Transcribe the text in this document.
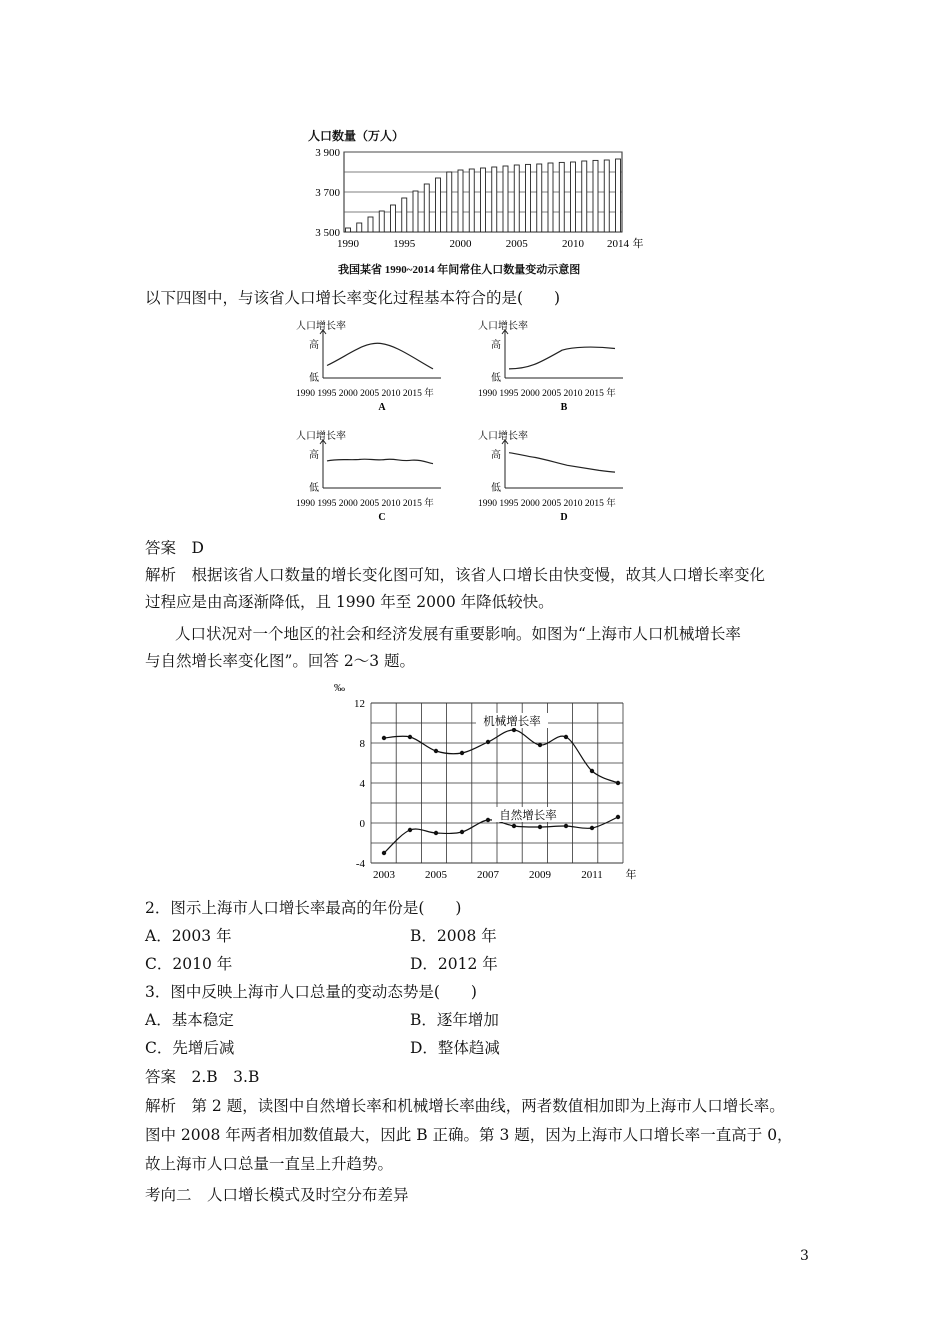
人口数量（万人）
3 900
3 700
3 500
1990	1995	2000	2005	2010 2014 年
我国某省 1990~2014 年间常住人口数量变动示意图
以下四图中，与该省人口增长率变化过程基本符合的是(　　)
人口增长率
高
低
1990 1995 2000 2005 2010 2015 年
A
人口增长率
高
低
1990 1995 2000 2005 2010 2015 年
B
人口增长率
高
低
1990 1995 2000 2005 2010 2015 年
C
人口增长率
高
低
1990 1995 2000 2005 2010 2015 年
D
答案　D
解析　根据该省人口数量的增长变化图可知，该省人口增长由快变慢，故其人口增长率变化
过程应是由高逐渐降低，且 1990 年至 2000 年降低较快。
人口状况对一个地区的社会和经济发展有重要影响。如图为“上海市人口机械增长率
与自然增长率变化图”。回答 2～3 题。
‰
12
8
4
0
-4
2003	2005	2007	2009	2011 年
机械增长率
自然增长率
2．图示上海市人口增长率最高的年份是(　　)
A．2003 年	B．2008 年
C．2010 年	D．2012 年
3．图中反映上海市人口总量的变动态势是(　　)
A．基本稳定	B．逐年增加
C．先增后减	D．整体趋减
答案　2.B　3.B
解析　第 2 题，读图中自然增长率和机械增长率曲线，两者数值相加即为上海市人口增长率。
图中 2008 年两者相加数值最大，因此 B 正确。第 3 题，因为上海市人口增长率一直高于 0，
故上海市人口总量一直呈上升趋势。
考向二　人口增长模式及时空分布差异
3
